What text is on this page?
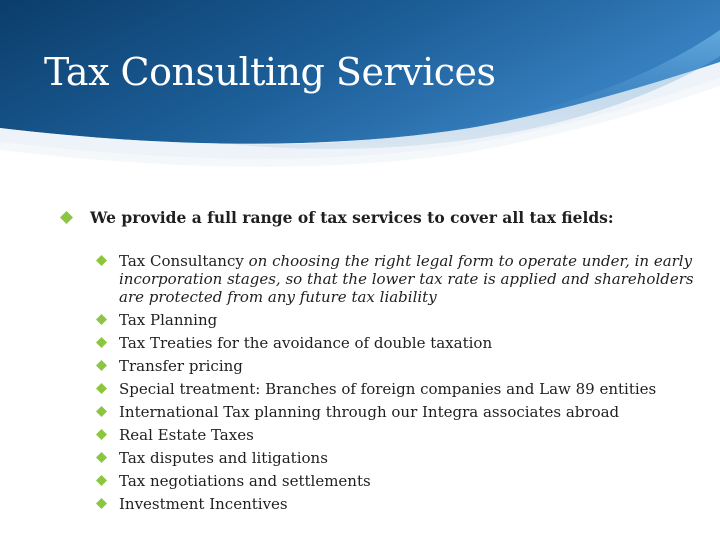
Tax Consulting Services
We provide a full range of tax services to cover all tax fields:
Tax Consultancy on choosing the right legal form to operate under, in early incorporation stages, so that the lower tax rate is applied and shareholders are protected from any future tax liability
Tax Planning
Tax Treaties for the avoidance of double taxation
Transfer pricing
Special treatment: Branches of foreign companies and Law 89 entities
International Tax planning through our Integra associates abroad
Real Estate Taxes
Tax disputes and litigations
Tax negotiations and settlements
Investment Incentives
